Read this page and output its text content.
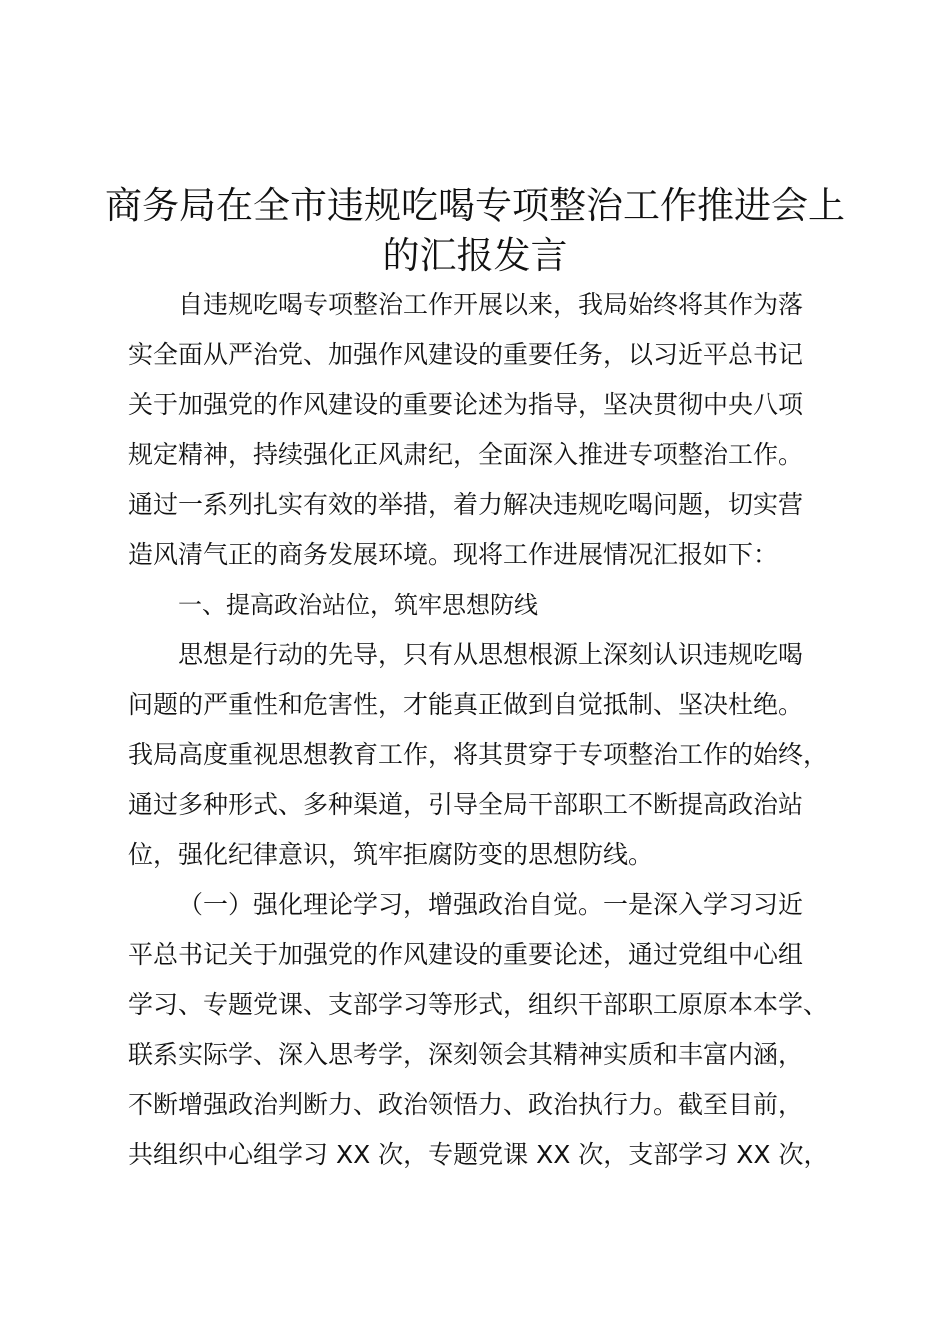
商务局在全市违规吃喝专项整治工作推进会上
的汇报发言
自违规吃喝专项整治工作开展以来，我局始终将其作为落
实全面从严治党、加强作风建设的重要任务，以习近平总书记
关于加强党的作风建设的重要论述为指导，坚决贯彻中央八项
规定精神，持续强化正风肃纪，全面深入推进专项整治工作。
通过一系列扎实有效的举措，着力解决违规吃喝问题，切实营
造风清气正的商务发展环境。现将工作进展情况汇报如下：
一、提高政治站位，筑牢思想防线
思想是行动的先导，只有从思想根源上深刻认识违规吃喝
问题的严重性和危害性，才能真正做到自觉抵制、坚决杜绝。
我局高度重视思想教育工作，将其贯穿于专项整治工作的始终，
通过多种形式、多种渠道，引导全局干部职工不断提高政治站
位，强化纪律意识，筑牢拒腐防变的思想防线。
（一）强化理论学习，增强政治自觉。一是深入学习习近
平总书记关于加强党的作风建设的重要论述，通过党组中心组
学习、专题党课、支部学习等形式，组织干部职工原原本本学、
联系实际学、深入思考学，深刻领会其精神实质和丰富内涵，
不断增强政治判断力、政治领悟力、政治执行力。截至目前，
共组织中心组学习 XX 次，专题党课 XX 次，支部学习 XX 次，
